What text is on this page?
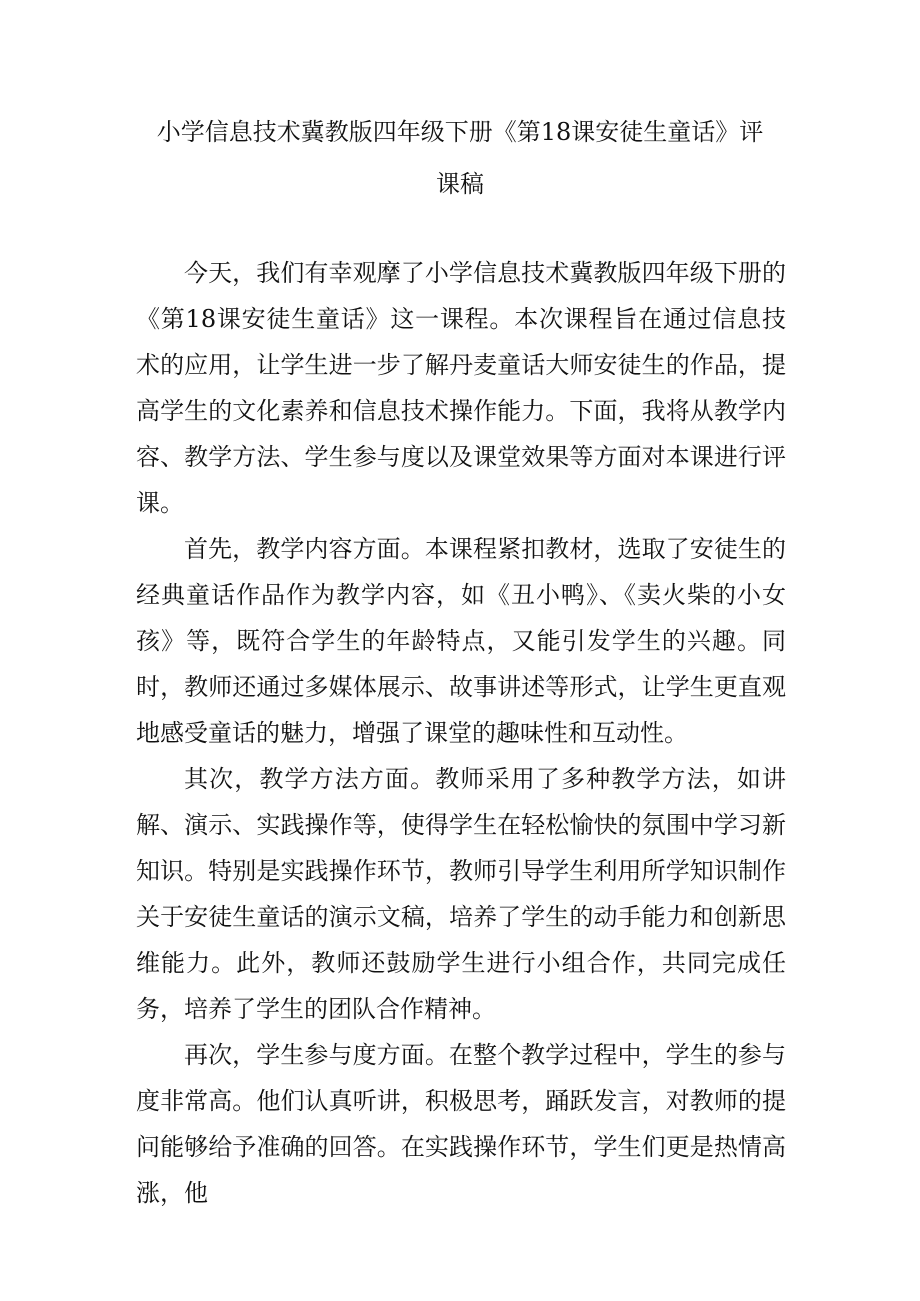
小学信息技术冀教版四年级下册《第18课安徒生童话》评
课稿

今天，我们有幸观摩了小学信息技术冀教版四年级下册的《第18课安徒生童话》这一课程。本次课程旨在通过信息技术的应用，让学生进一步了解丹麦童话大师安徒生的作品，提高学生的文化素养和信息技术操作能力。下面，我将从教学内容、教学方法、学生参与度以及课堂效果等方面对本课进行评课。

首先，教学内容方面。本课程紧扣教材，选取了安徒生的经典童话作品作为教学内容，如《丑小鸭》、《卖火柴的小女孩》等，既符合学生的年龄特点，又能引发学生的兴趣。同时，教师还通过多媒体展示、故事讲述等形式，让学生更直观地感受童话的魅力，增强了课堂的趣味性和互动性。

其次，教学方法方面。教师采用了多种教学方法，如讲解、演示、实践操作等，使得学生在轻松愉快的氛围中学习新知识。特别是实践操作环节，教师引导学生利用所学知识制作关于安徒生童话的演示文稿，培养了学生的动手能力和创新思维能力。此外，教师还鼓励学生进行小组合作，共同完成任务，培养了学生的团队合作精神。

再次，学生参与度方面。在整个教学过程中，学生的参与度非常高。他们认真听讲，积极思考，踊跃发言，对教师的提问能够给予准确的回答。在实践操作环节，学生们更是热情高涨，他
